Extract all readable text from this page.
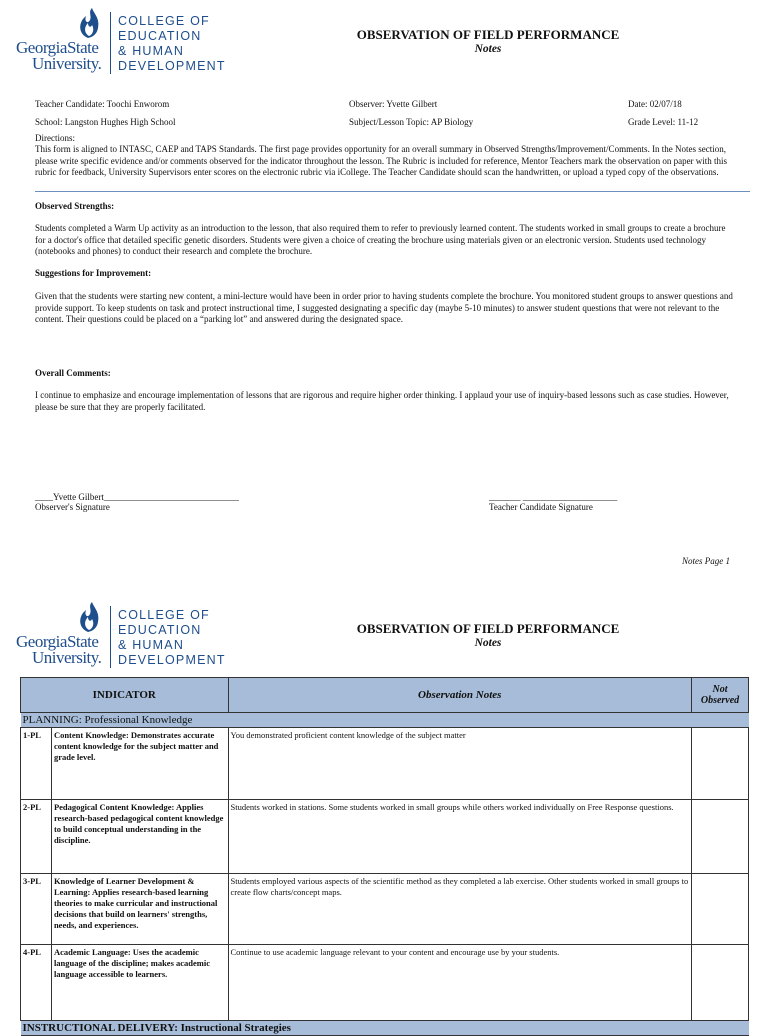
GeorgiaState
University.
COLLEGE OF
EDUCATION
& HUMAN
DEVELOPMENT
OBSERVATION OF FIELD PERFORMANCE
Notes
Teacher Candidate: Toochi Enworom	Observer: Yvette Gilbert	Date: 02/07/18
School: Langston Hughes High School	Subject/Lesson Topic: AP Biology	Grade Level: 11-12
Directions:
This form is aligned to INTASC, CAEP and TAPS Standards. The first page provides opportunity for an overall summary in Observed Strengths/Improvement/Comments. In the Notes section, please write specific evidence and/or comments observed for the indicator throughout the lesson. The Rubric is included for reference, Mentor Teachers mark the observation on paper with this rubric for feedback, University Supervisors enter scores on the electronic rubric via iCollege. The Teacher Candidate should scan the handwritten, or upload a typed copy of the observations.
Observed Strengths:
Students completed a Warm Up activity as an introduction to the lesson, that also required them to refer to previously learned content. The students worked in small groups to create a brochure for a doctor's office that detailed specific genetic disorders. Students were given a choice of creating the brochure using materials given or an electronic version. Students used technology (notebooks and phones) to conduct their research and complete the brochure.
Suggestions for Improvement:
Given that the students were starting new content, a mini-lecture would have been in order prior to having students complete the brochure. You monitored student groups to answer questions and provide support. To keep students on task and protect instructional time, I suggested designating a specific day (maybe 5-10 minutes) to answer student questions that were not relevant to the content. Their questions could be placed on a “parking lot” and answered during the designated space.
Overall Comments:
I continue to emphasize and encourage implementation of lessons that are rigorous and require higher order thinking. I applaud your use of inquiry-based lessons such as case studies. However, please be sure that they are properly facilitated.
____Yvette Gilbert______________________________
Observer's Signature
_______ _____________________
Teacher Candidate Signature
Notes Page 1
GeorgiaState
University.
COLLEGE OF
EDUCATION
& HUMAN
DEVELOPMENT
OBSERVATION OF FIELD PERFORMANCE
Notes
INDICATOR		Observation Notes	Not Observed
PLANNING: Professional Knowledge			
1-PL	Content Knowledge: Demonstrates accurate content knowledge for the subject matter and grade level.	You demonstrated proficient content knowledge of the subject matter	
2-PL	Pedagogical Content Knowledge: Applies research-based pedagogical content knowledge to build conceptual understanding in the discipline.	Students worked in stations. Some students worked in small groups while others worked individually on Free Response questions.	
3-PL	Knowledge of Learner Development & Learning: Applies research-based learning theories to make curricular and instructional decisions that build on learners' strengths, needs, and experiences.	Students employed various aspects of the scientific method as they completed a lab exercise. Other students worked in small groups to create flow charts/concept maps.	
4-PL	Academic Language: Uses the academic language of the discipline; makes academic language accessible to learners.	Continue to use academic language relevant to your content and encourage use by your students.	
INSTRUCTIONAL DELIVERY: Instructional Strategies			
